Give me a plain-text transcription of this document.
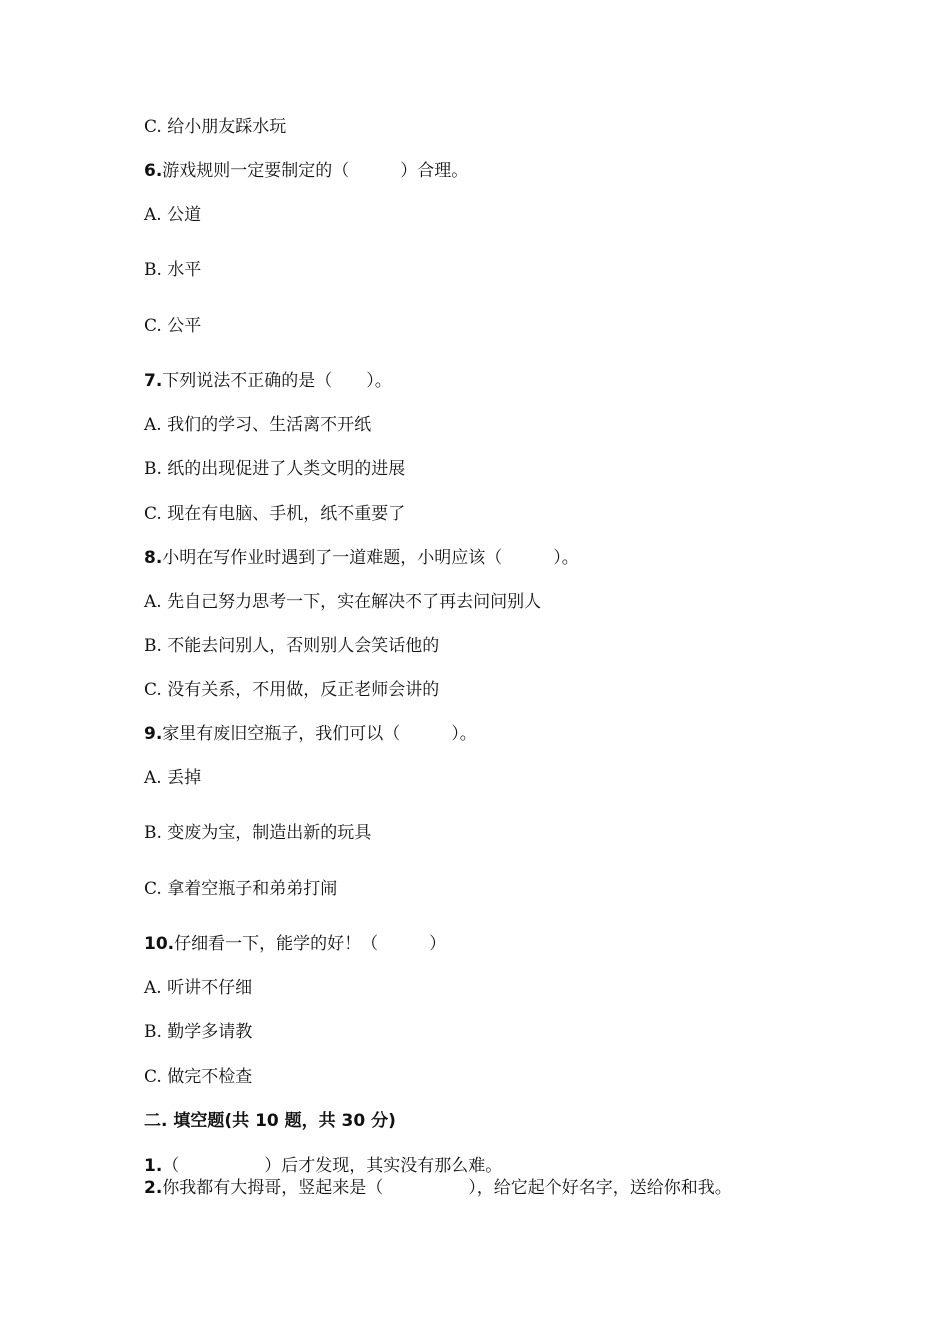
C. 给小朋友踩水玩
6.游戏规则一定要制定的（　　　）合理。
A. 公道
B. 水平
C. 公平
7.下列说法不正确的是（　　）。
A. 我们的学习、生活离不开纸
B. 纸的出现促进了人类文明的进展
C. 现在有电脑、手机，纸不重要了
8.小明在写作业时遇到了一道难题，小明应该（　　　）。
A. 先自己努力思考一下，实在解决不了再去问问别人
B. 不能去问别人，否则别人会笑话他的
C. 没有关系，不用做，反正老师会讲的
9.家里有废旧空瓶子，我们可以（　　　）。
A. 丢掉
B. 变废为宝，制造出新的玩具
C. 拿着空瓶子和弟弟打闹
10.仔细看一下，能学的好！（　　　）
A. 听讲不仔细
B. 勤学多请教
C. 做完不检查
二. 填空题(共 10 题，共 30 分)
1.（　　　　　）后才发现，其实没有那么难。
2.你我都有大拇哥，竖起来是（　　　　　），给它起个好名字，送给你和我。
